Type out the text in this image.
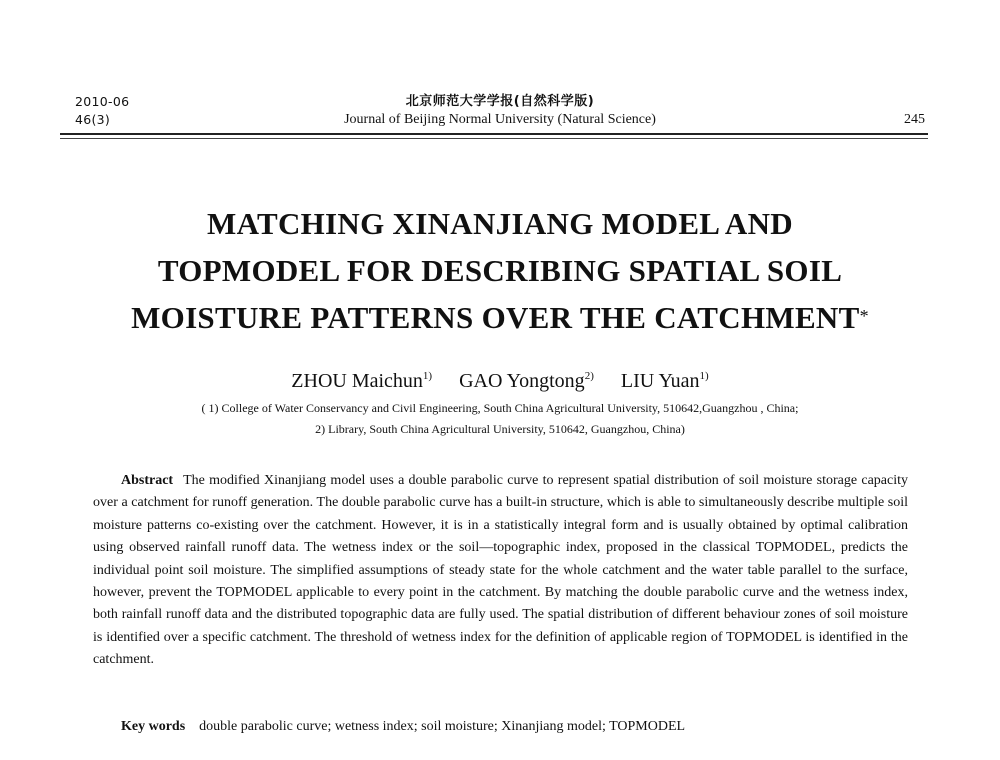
2010-06
46(3)
北京师范大学学报(自然科学版)
Journal of Beijing Normal University (Natural Science)	245
MATCHING XINANJIANG MODEL AND
TOPMODEL FOR DESCRIBING SPATIAL SOIL
MOISTURE PATTERNS OVER THE CATCHMENT*
ZHOU Maichun$^{1)}$ GAO Yongtong$^{2)}$ LIU Yuan$^{1)}$
( 1) College of Water Conservancy and Civil Engineering, South China Agricultural University, 510642,Guangzhou , China;
2) Library, South China Agricultural University, 510642, Guangzhou, China)
Abstract The modified Xinanjiang model uses a double parabolic curve to represent spatial distribution of soil moisture storage capacity over a catchment for runoff generation. The double parabolic curve has a built-in structure, which is able to simultaneously describe multiple soil moisture patterns co-existing over the catchment. However, it is in a statistically integral form and is usually obtained by optimal calibration using observed rainfall runoff data. The wetness index or the soil—topographic index, proposed in the classical TOPMODEL, predicts the individual point soil moisture. The simplified assumptions of steady state for the whole catchment and the water table parallel to the surface, however, prevent the TOPMODEL applicable to every point in the catchment. By matching the double parabolic curve and the wetness index, both rainfall runoff data and the distributed topographic data are fully used. The spatial distribution of different behaviour zones of soil moisture is identified over a specific catchment. The threshold of wetness index for the definition of applicable region of TOPMODEL is identified in the catchment.
Key words double parabolic curve; wetness index; soil moisture; Xinanjiang model; TOPMODEL
